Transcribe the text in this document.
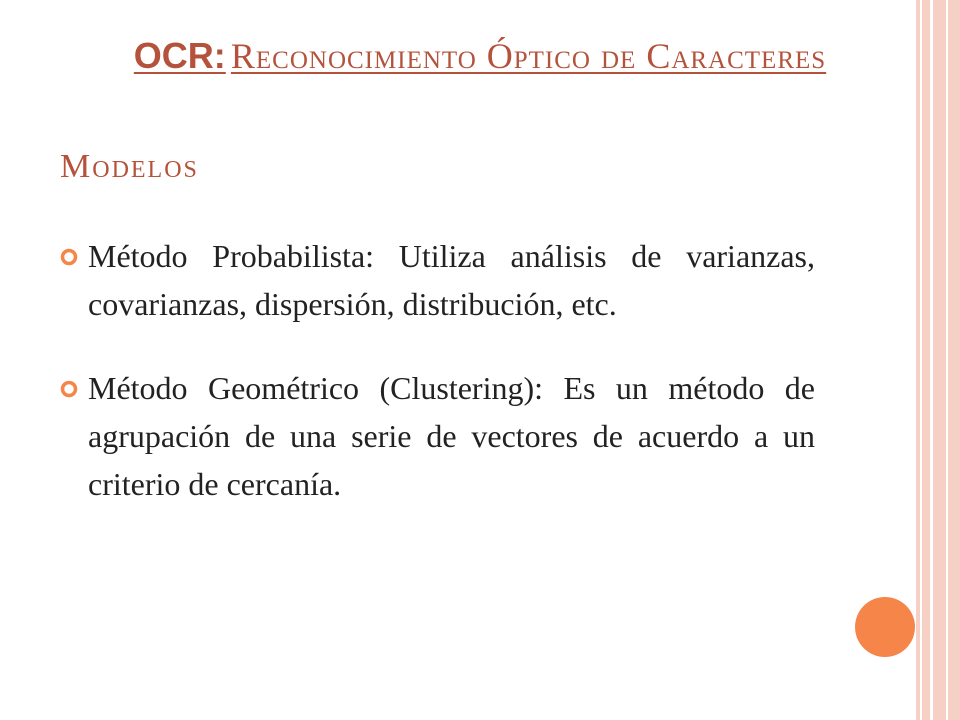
OCR: Reconocimiento Óptico de Caracteres
Modelos
Método Probabilista: Utiliza análisis de varianzas, covarianzas, dispersión, distribución, etc.
Método Geométrico (Clustering): Es un método de agrupación de una serie de vectores de acuerdo a un criterio de cercanía.
